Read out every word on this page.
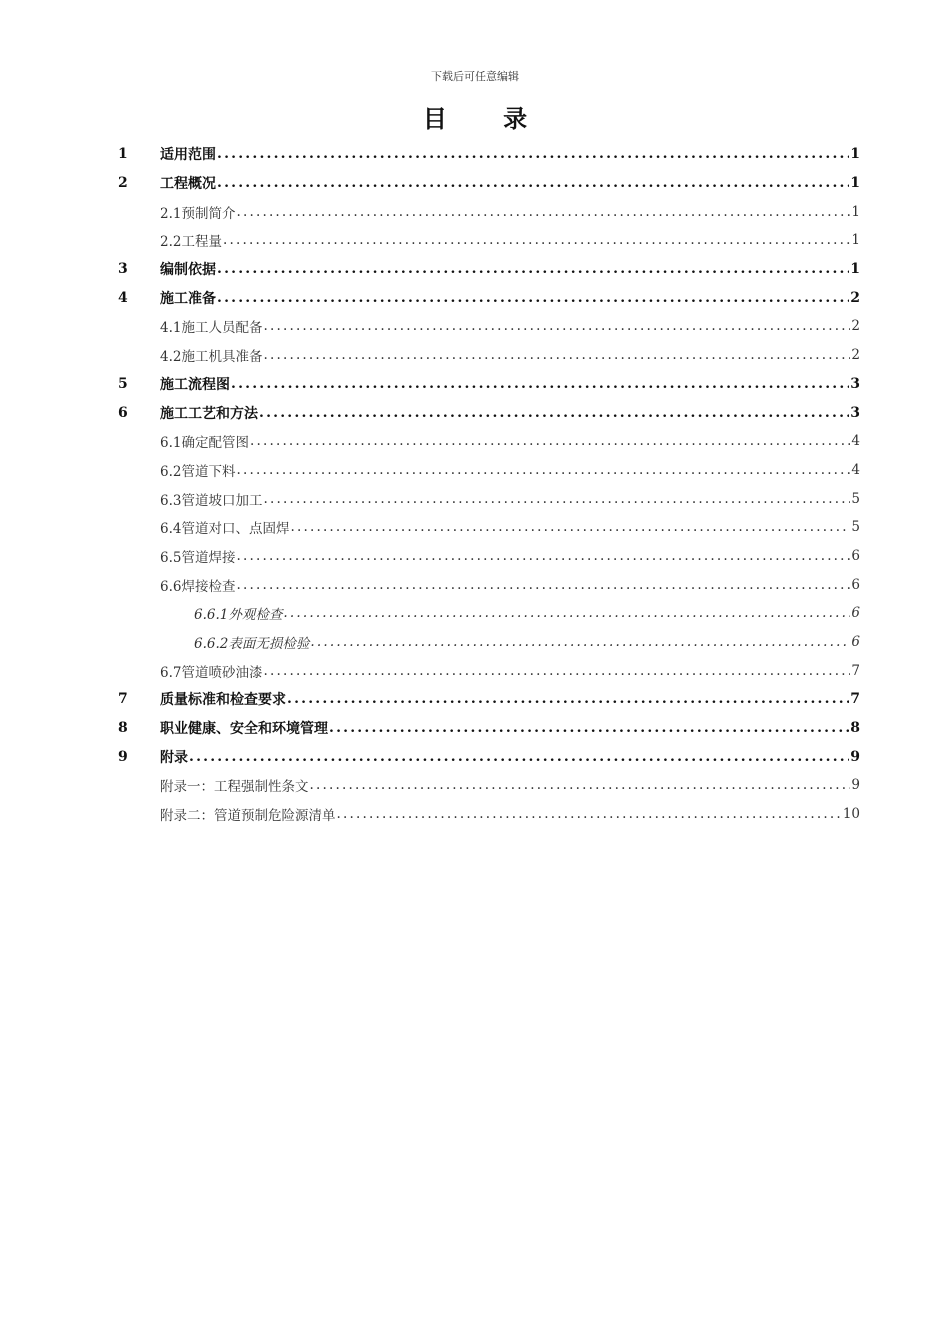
下载后可任意编辑
目 录
1	适用范围 .....	1
2	工程概况 .....	1
2.1预制简介 .....	1
2.2工程量 .....	1
3	编制依据 .....	1
4	施工准备 .....	2
4.1施工人员配备 .....	2
4.2施工机具准备 .....	2
5	施工流程图 .....	3
6	施工工艺和方法 .....	3
6.1确定配管图 .....	4
6.2管道下料 .....	4
6.3管道坡口加工 .....	5
6.4管道对口、点固焊 .....	5
6.5管道焊接 .....	6
6.6焊接检查 .....	6
6.6.1外观检查 .....	6
6.6.2表面无损检验 .....	6
6.7管道喷砂油漆 .....	7
7	质量标准和检查要求 .....	7
8	职业健康、安全和环境管理 .....	8
9	附录 .....	9
附录一：工程强制性条文 .....	9
附录二：管道预制危险源清单 .....	10
